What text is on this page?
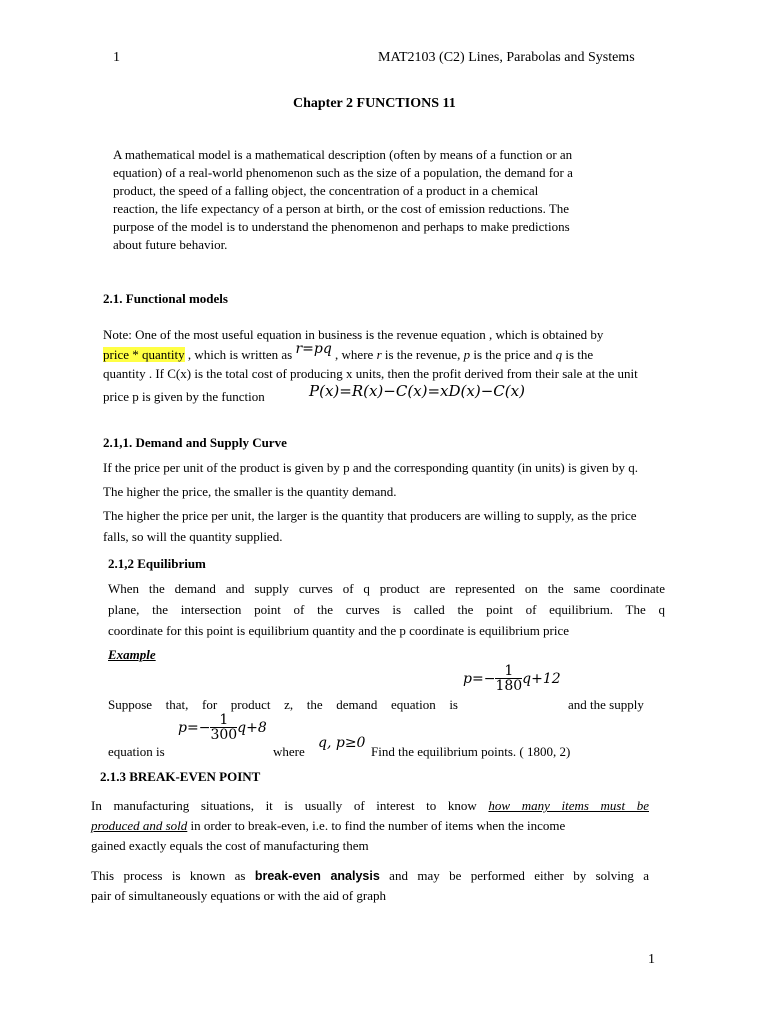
1	MAT2103 (C2) Lines, Parabolas and Systems
Chapter 2 FUNCTIONS 11
A mathematical model is a mathematical description (often by means of a function or an
equation) of a real-world phenomenon such as the size of a population, the demand for a
product, the speed of a falling object, the concentration of a product in a chemical
reaction, the life expectancy of a person at birth, or the cost of emission reductions. The
purpose of the model is to understand the phenomenon and perhaps to make predictions
about future behavior.
2.1. Functional models
Note: One of the most useful equation in business is the revenue equation , which is obtained by
price * quantity , which is written as r=pq , where r is the revenue, p is the price and q is the
quantity . If C(x) is the total cost of producing x units, then the profit derived from their sale at the unit
price p is given by the function	P(x)=R(x)−C(x)=xD(x)−C(x)
2.1,1. Demand and Supply Curve
If the price per unit of the product is given by p and the corresponding quantity (in units) is given by q.
The higher the price, the smaller is the quantity demand.
The higher the price per unit, the larger is the quantity that producers are willing to supply, as the price
falls, so will the quantity supplied.
2.1,2 Equilibrium
When the demand and supply curves of q product are represented on the same coordinate
plane, the intersection point of the curves is called the point of equilibrium. The q
coordinate for this point is equilibrium quantity and the p coordinate is equilibrium price
Example
Suppose that, for product z, the demand equation is
$p=- \frac{1}{180} q+12$
and the supply
equation is
$p=- \frac{1}{300} q+8$
where
q, p≥0
Find the equilibrium points. ( 1800, 2)
2.1.3 BREAK-EVEN POINT
In manufacturing situations, it is usually of interest to know how many items must be
produced and sold in order to break-even, i.e. to find the number of items when the income
gained exactly equals the cost of manufacturing them
This process is known as break-even analysis and may be performed either by solving a
pair of simultaneously equations or with the aid of graph
1
